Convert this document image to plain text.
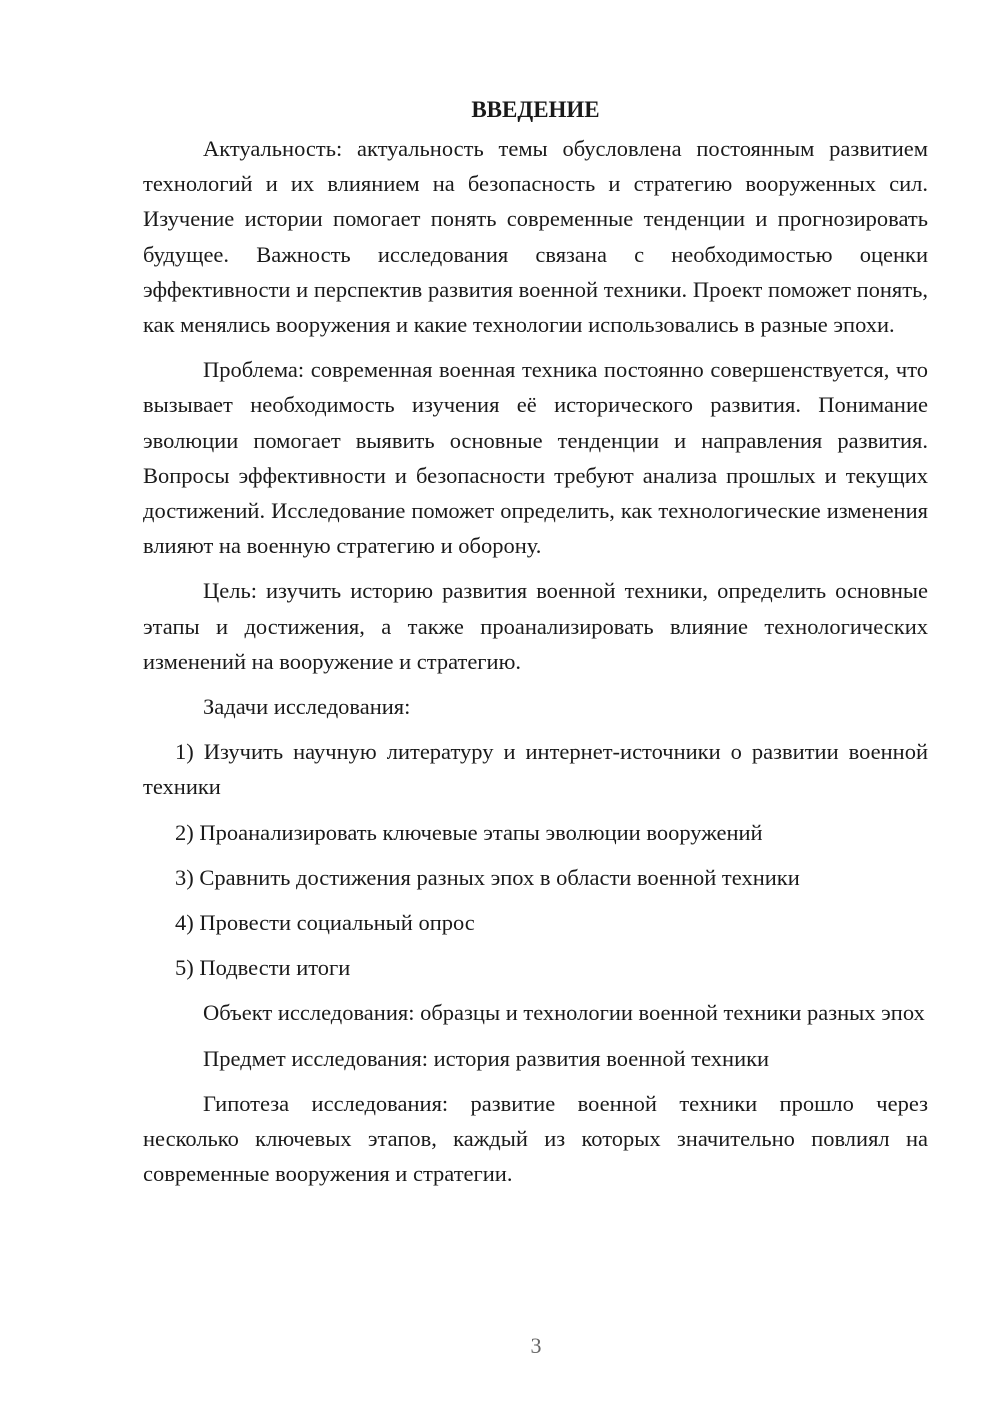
ВВЕДЕНИЕ

Актуальность: актуальность темы обусловлена постоянным развитием технологий и их влиянием на безопасность и стратегию вооруженных сил. Изучение истории помогает понять современные тенденции и прогнозировать будущее. Важность исследования связана с необходимостью оценки эффективности и перспектив развития военной техники. Проект поможет понять, как менялись вооружения и какие технологии использовались в разные эпохи.

Проблема: современная военная техника постоянно совершенствуется, что вызывает необходимость изучения её исторического развития. Понимание эволюции помогает выявить основные тенденции и направления развития. Вопросы эффективности и безопасности требуют анализа прошлых и текущих достижений. Исследование поможет определить, как технологические изменения влияют на военную стратегию и оборону.

Цель: изучить историю развития военной техники, определить основные этапы и достижения, а также проанализировать влияние технологических изменений на вооружение и стратегию.

Задачи исследования:

1) Изучить научную литературу и интернет-источники о развитии военной техники

2) Проанализировать ключевые этапы эволюции вооружений

3) Сравнить достижения разных эпох в области военной техники

4) Провести социальный опрос

5) Подвести итоги

Объект исследования: образцы и технологии военной техники разных эпох

Предмет исследования: история развития военной техники

Гипотеза исследования: развитие военной техники прошло через несколько ключевых этапов, каждый из которых значительно повлиял на современные вооружения и стратегии.

3
